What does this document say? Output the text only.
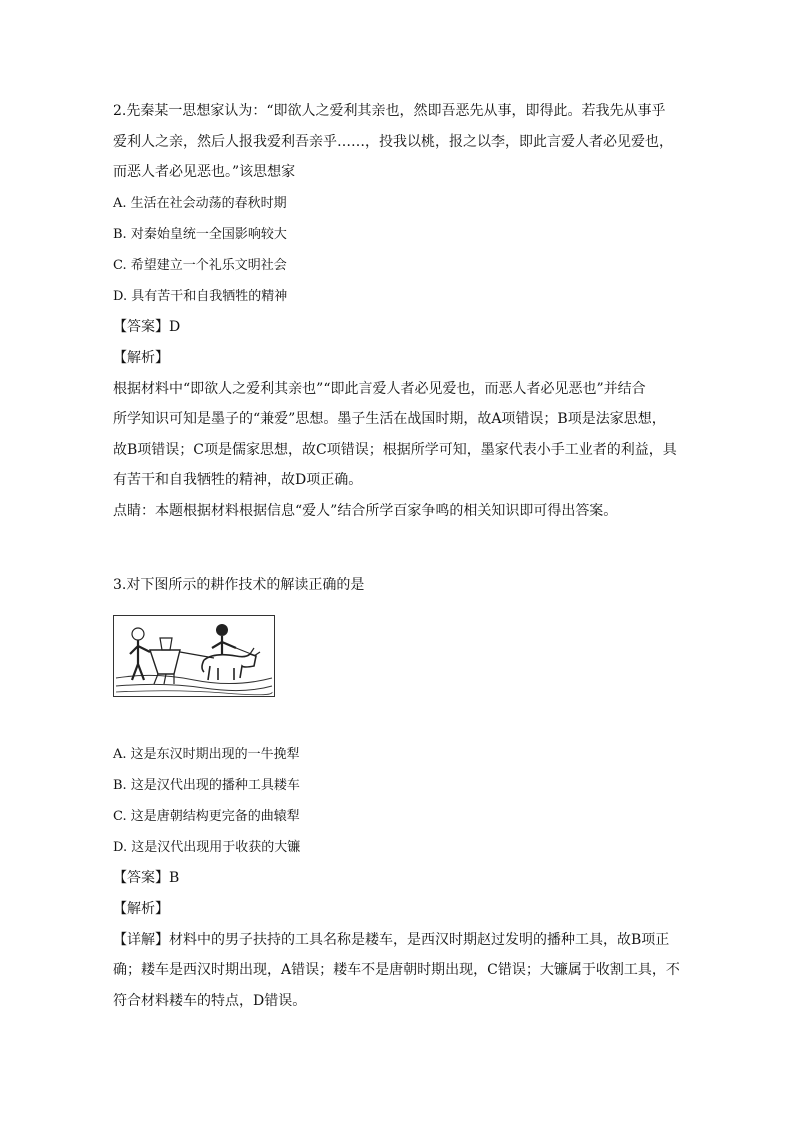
2.先秦某一思想家认为：“即欲人之爱利其亲也，然即吾恶先从事，即得此。若我先从事乎
爱利人之亲，然后人报我爱利吾亲乎……，投我以桃，报之以李，即此言爱人者必见爱也，
而恶人者必见恶也。”该思想家
A. 生活在社会动荡的春秋时期
B. 对秦始皇统一全国影响较大
C. 希望建立一个礼乐文明社会
D. 具有苦干和自我牺牲的精神
【答案】D
【解析】
根据材料中“即欲人之爱利其亲也”“即此言爱人者必见爱也，而恶人者必见恶也”并结合
所学知识可知是墨子的“兼爱”思想。墨子生活在战国时期，故A项错误；B项是法家思想，
故B项错误；C项是儒家思想，故C项错误；根据所学可知，墨家代表小手工业者的利益，具
有苦干和自我牺牲的精神，故D项正确。
点睛：本题根据材料根据信息“爱人”结合所学百家争鸣的相关知识即可得出答案。
3.对下图所示的耕作技术的解读正确的是
A. 这是东汉时期出现的一牛挽犁
B. 这是汉代出现的播种工具耧车
C. 这是唐朝结构更完备的曲辕犁
D. 这是汉代出现用于收获的大镰
【答案】B
【解析】
【详解】材料中的男子扶持的工具名称是耧车，是西汉时期赵过发明的播种工具，故B项正
确；耧车是西汉时期出现，A错误；耧车不是唐朝时期出现，C错误；大镰属于收割工具，不
符合材料耧车的特点，D错误。
